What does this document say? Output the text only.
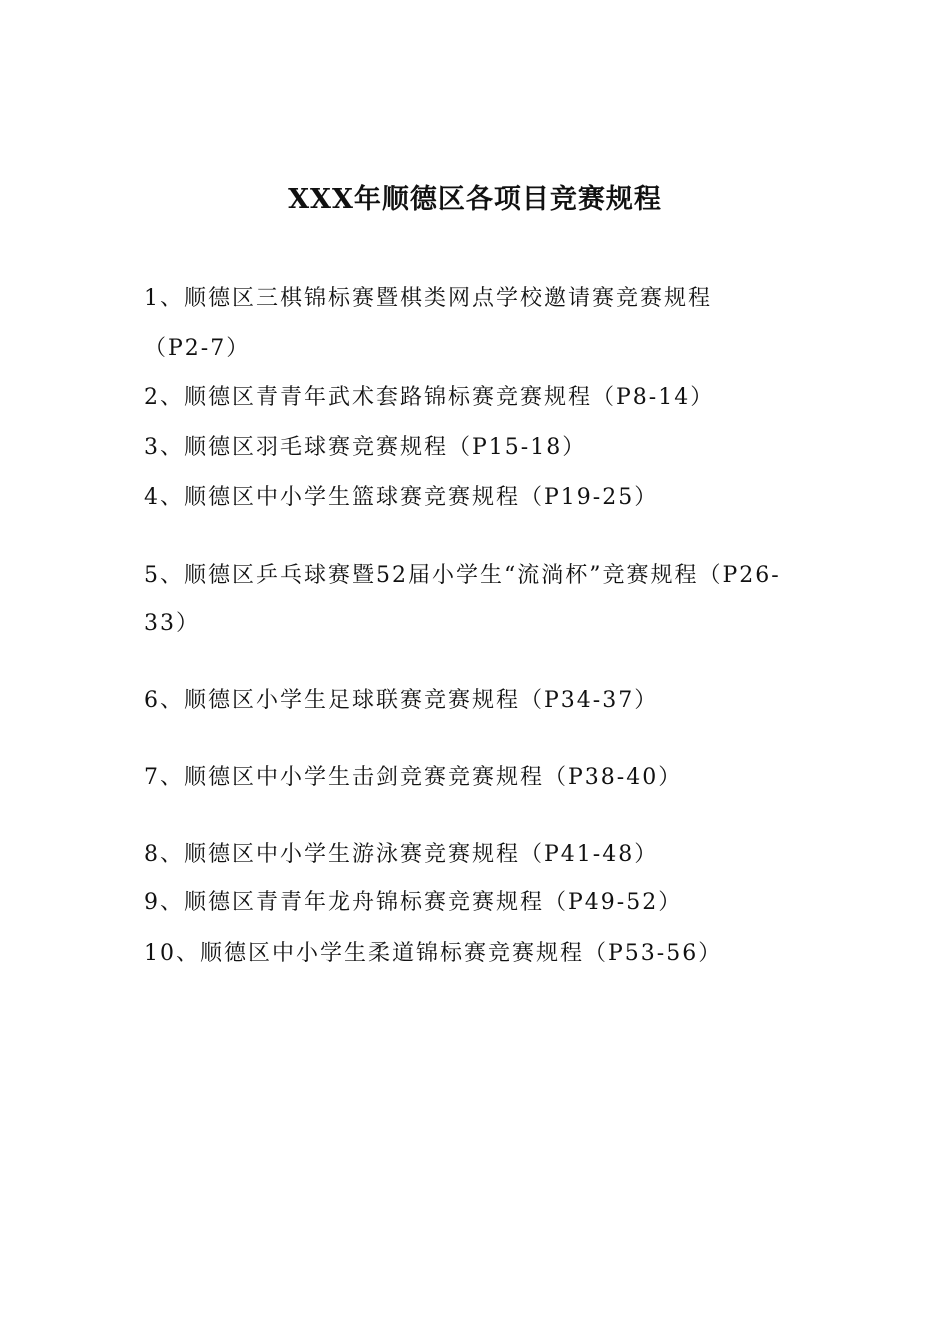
XXX年顺德区各项目竞赛规程
1、顺德区三棋锦标赛暨棋类网点学校邀请赛竞赛规程
（P2-7）
2、顺德区青青年武术套路锦标赛竞赛规程（P8-14）
3、顺德区羽毛球赛竞赛规程（P15-18）
4、顺德区中小学生篮球赛竞赛规程（P19-25）
5、顺德区乒乓球赛暨52届小学生“流淌杯”竞赛规程（P26-
33）
6、顺德区小学生足球联赛竞赛规程（P34-37）
7、顺德区中小学生击剑竞赛竞赛规程（P38-40）
8、顺德区中小学生游泳赛竞赛规程（P41-48）
9、顺德区青青年龙舟锦标赛竞赛规程（P49-52）
10、顺德区中小学生柔道锦标赛竞赛规程（P53-56）
